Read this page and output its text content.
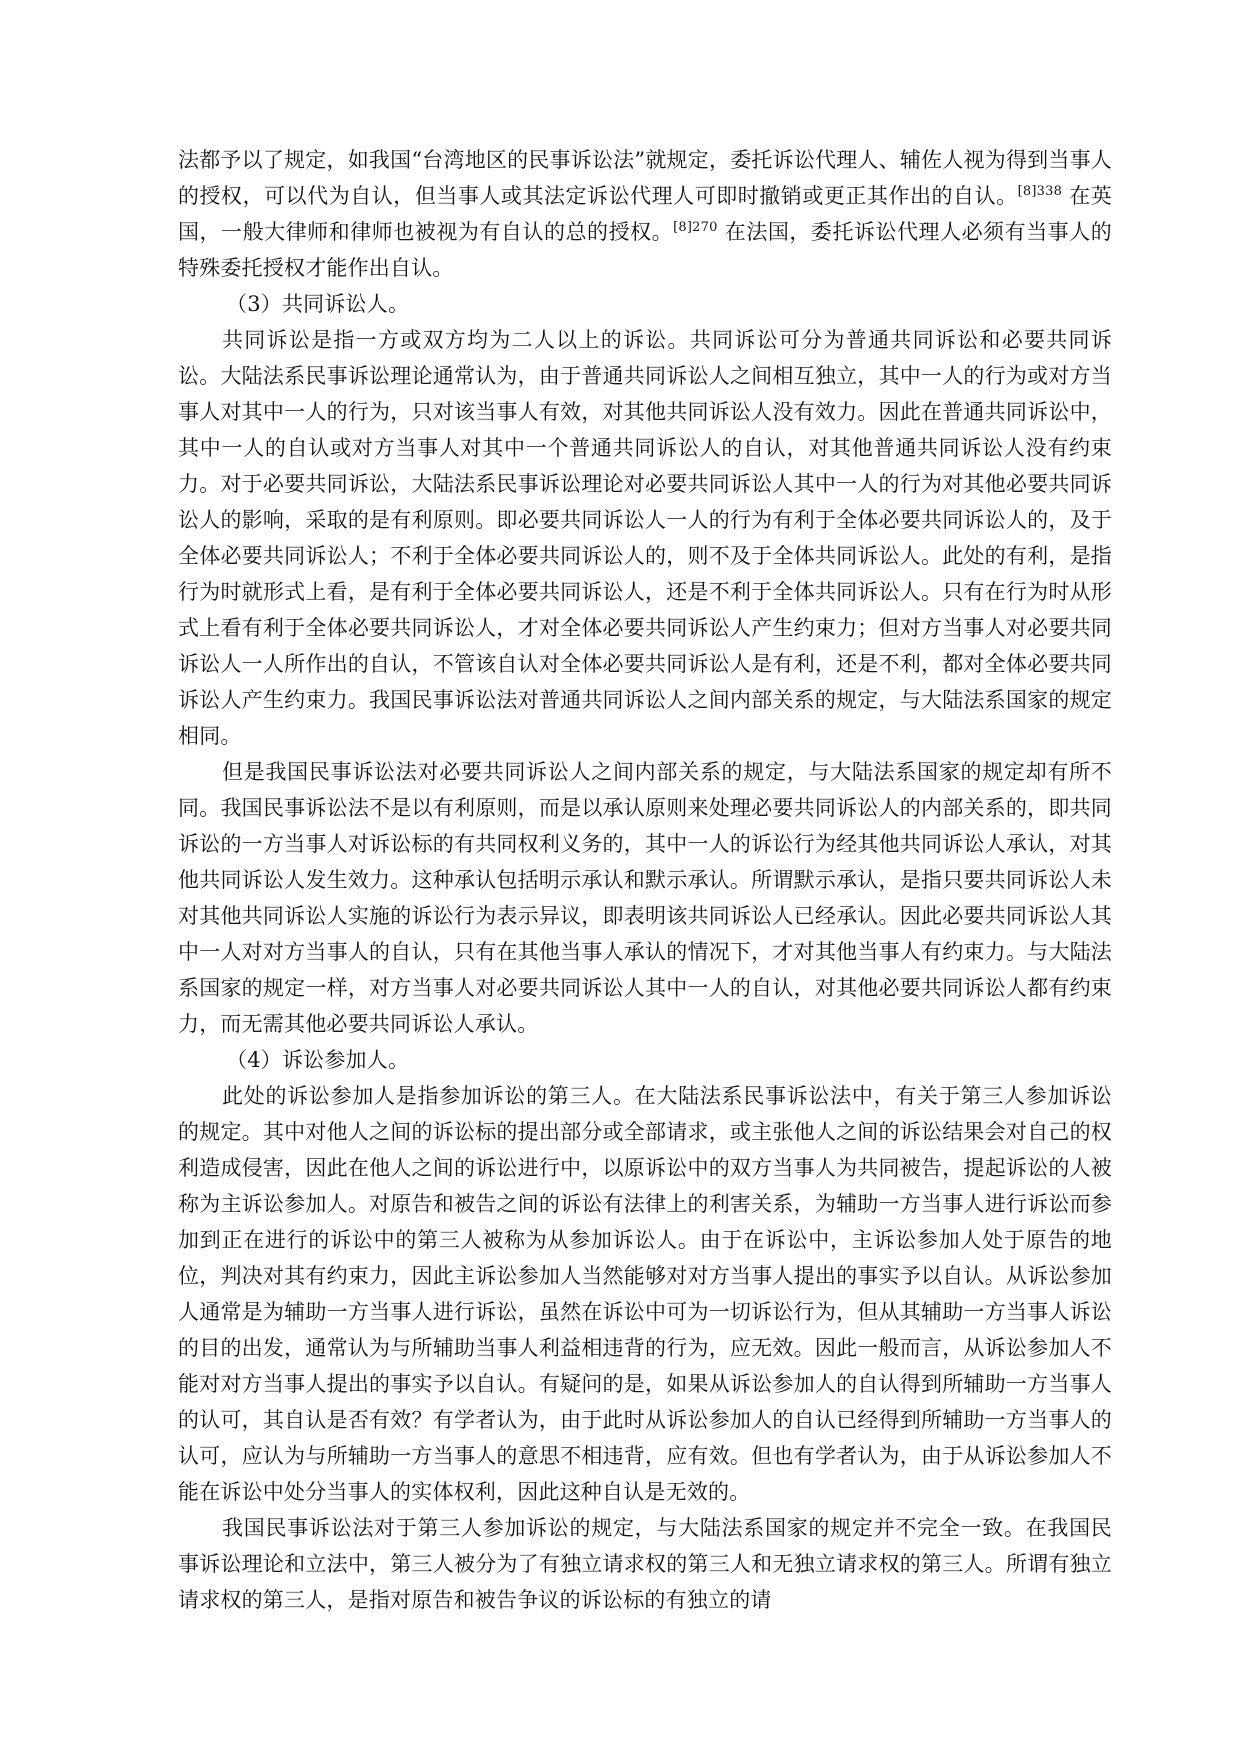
法都予以了规定，如我国“台湾地区的民事诉讼法”就规定，委托诉讼代理人、辅佐人视为得到当事人的授权，可以代为自认，但当事人或其法定诉讼代理人可即时撤销或更正其作出的自认。$^{[8]338}$ 在英国，一般大律师和律师也被视为有自认的总的授权。$^{[8]270}$ 在法国，委托诉讼代理人必须有当事人的特殊委托授权才能作出自认。

（3）共同诉讼人。

共同诉讼是指一方或双方均为二人以上的诉讼。共同诉讼可分为普通共同诉讼和必要共同诉讼。大陆法系民事诉讼理论通常认为，由于普通共同诉讼人之间相互独立，其中一人的行为或对方当事人对其中一人的行为，只对该当事人有效，对其他共同诉讼人没有效力。因此在普通共同诉讼中，其中一人的自认或对方当事人对其中一个普通共同诉讼人的自认，对其他普通共同诉讼人没有约束力。对于必要共同诉讼，大陆法系民事诉讼理论对必要共同诉讼人其中一人的行为对其他必要共同诉讼人的影响，采取的是有利原则。即必要共同诉讼人一人的行为有利于全体必要共同诉讼人的，及于全体必要共同诉讼人；不利于全体必要共同诉讼人的，则不及于全体共同诉讼人。此处的有利，是指行为时就形式上看，是有利于全体必要共同诉讼人，还是不利于全体共同诉讼人。只有在行为时从形式上看有利于全体必要共同诉讼人，才对全体必要共同诉讼人产生约束力；但对方当事人对必要共同诉讼人一人所作出的自认，不管该自认对全体必要共同诉讼人是有利，还是不利，都对全体必要共同诉讼人产生约束力。我国民事诉讼法对普通共同诉讼人之间内部关系的规定，与大陆法系国家的规定相同。

但是我国民事诉讼法对必要共同诉讼人之间内部关系的规定，与大陆法系国家的规定却有所不同。我国民事诉讼法不是以有利原则，而是以承认原则来处理必要共同诉讼人的内部关系的，即共同诉讼的一方当事人对诉讼标的有共同权利义务的，其中一人的诉讼行为经其他共同诉讼人承认，对其他共同诉讼人发生效力。这种承认包括明示承认和默示承认。所谓默示承认，是指只要共同诉讼人未对其他共同诉讼人实施的诉讼行为表示异议，即表明该共同诉讼人已经承认。因此必要共同诉讼人其中一人对对方当事人的自认，只有在其他当事人承认的情况下，才对其他当事人有约束力。与大陆法系国家的规定一样，对方当事人对必要共同诉讼人其中一人的自认，对其他必要共同诉讼人都有约束力，而无需其他必要共同诉讼人承认。

（4）诉讼参加人。

此处的诉讼参加人是指参加诉讼的第三人。在大陆法系民事诉讼法中，有关于第三人参加诉讼的规定。其中对他人之间的诉讼标的提出部分或全部请求，或主张他人之间的诉讼结果会对自己的权利造成侵害，因此在他人之间的诉讼进行中，以原诉讼中的双方当事人为共同被告，提起诉讼的人被称为主诉讼参加人。对原告和被告之间的诉讼有法律上的利害关系，为辅助一方当事人进行诉讼而参加到正在进行的诉讼中的第三人被称为从参加诉讼人。由于在诉讼中，主诉讼参加人处于原告的地位，判决对其有约束力，因此主诉讼参加人当然能够对对方当事人提出的事实予以自认。从诉讼参加人通常是为辅助一方当事人进行诉讼，虽然在诉讼中可为一切诉讼行为，但从其辅助一方当事人诉讼的目的出发，通常认为与所辅助当事人利益相违背的行为，应无效。因此一般而言，从诉讼参加人不能对对方当事人提出的事实予以自认。有疑问的是，如果从诉讼参加人的自认得到所辅助一方当事人的认可，其自认是否有效？有学者认为，由于此时从诉讼参加人的自认已经得到所辅助一方当事人的认可，应认为与所辅助一方当事人的意思不相违背，应有效。但也有学者认为，由于从诉讼参加人不能在诉讼中处分当事人的实体权利，因此这种自认是无效的。

我国民事诉讼法对于第三人参加诉讼的规定，与大陆法系国家的规定并不完全一致。在我国民事诉讼理论和立法中，第三人被分为了有独立请求权的第三人和无独立请求权的第三人。所谓有独立请求权的第三人，是指对原告和被告争议的诉讼标的有独立的请
